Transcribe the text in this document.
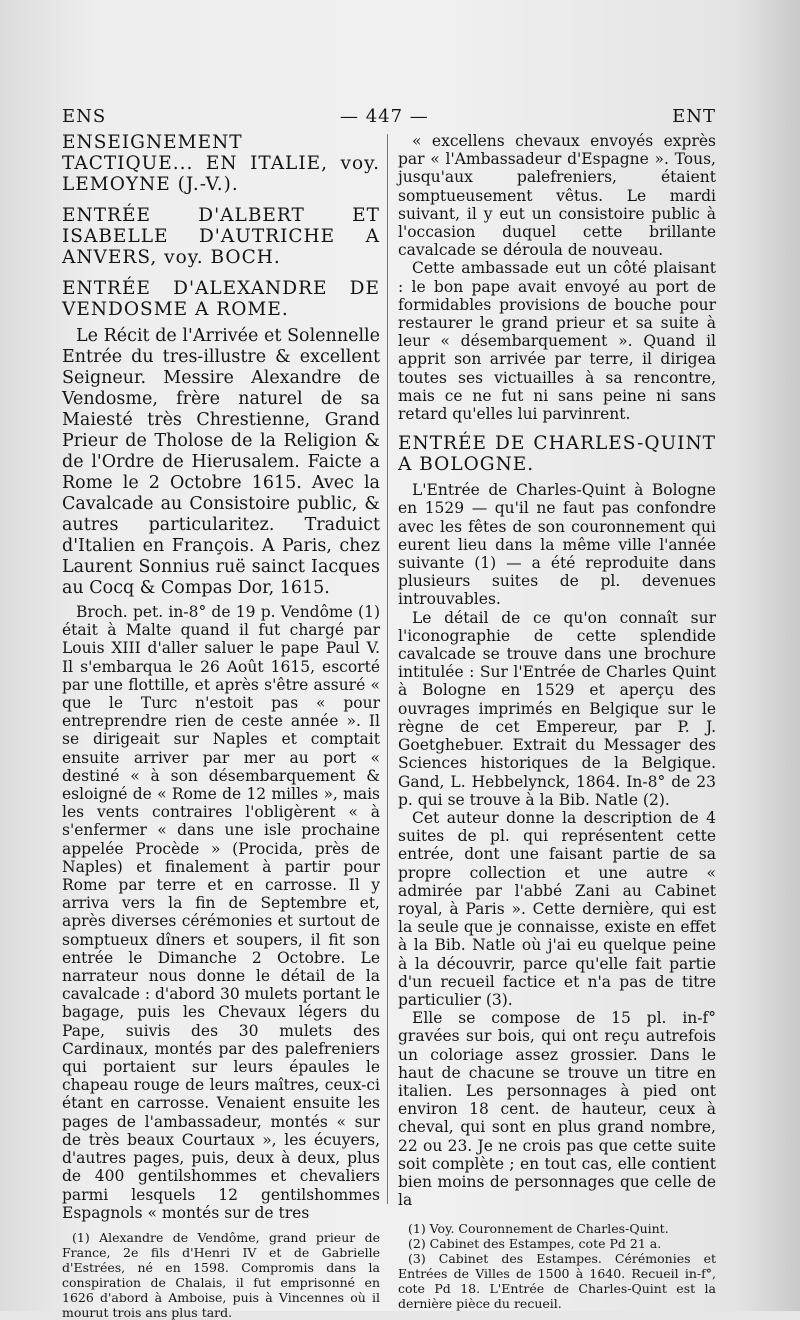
ENS	— 447 —	ENT
ENSEIGNEMENT TACTIQUE... EN ITALIE, voy. LEMOYNE (J.-V.).
ENTRÉE D'ALBERT ET ISABELLE D'AUTRICHE A ANVERS, voy. BOCH.
ENTRÉE D'ALEXANDRE DE VENDOSME A ROME.

Le Récit de l'Arrivée et Solennelle Entrée du tres-illustre & excellent Seigneur. Messire Alexandre de Vendosme, frère naturel de sa Maiesté très Chrestienne, Grand Prieur de Tholose de la Religion & de l'Ordre de Hierusalem. Faicte a Rome le 2 Octobre 1615. Avec la Cavalcade au Consistoire public, & autres particularitez. Traduict d'Italien en François. A Paris, chez Laurent Sonnius ruë sainct Iacques au Cocq & Compas Dor, 1615.

Broch. pet. in-8° de 19 p. Vendôme (1) était à Malte quand il fut chargé par Louis XIII d'aller saluer le pape Paul V. Il s'embarqua le 26 Août 1615, escorté par une flottille, et après s'être assuré « que le Turc n'estoit pas « pour entreprendre rien de ceste année ». Il se dirigeait sur Naples et comptait ensuite arriver par mer au port « destiné « à son désembarquement & esloigné de « Rome de 12 milles », mais les vents contraires l'obligèrent « à s'enfermer « dans une isle prochaine appelée Procède » (Procida, près de Naples) et finalement à partir pour Rome par terre et en carrosse. Il y arriva vers la fin de Septembre et, après diverses cérémonies et surtout de somptueux dîners et soupers, il fit son entrée le Dimanche 2 Octobre. Le narrateur nous donne le détail de la cavalcade : d'abord 30 mulets portant le bagage, puis les Chevaux légers du Pape, suivis des 30 mulets des Cardinaux, montés par des palefreniers qui portaient sur leurs épaules le chapeau rouge de leurs maîtres, ceux-ci étant en carrosse. Venaient ensuite les pages de l'ambassadeur, montés « sur de très beaux Courtaux », les écuyers, d'autres pages, puis, deux à deux, plus de 400 gentilshommes et chevaliers parmi lesquels 12 gentilshommes Espagnols « montés sur de tres

(1) Alexandre de Vendôme, grand prieur de France, 2e fils d'Henri IV et de Gabrielle d'Estrées, né en 1598. Compromis dans la conspiration de Chalais, il fut emprisonné en 1626 d'abord à Amboise, puis à Vincennes où il mourut trois ans plus tard.

« excellens chevaux envoyés exprès par « l'Ambassadeur d'Espagne ». Tous, jusqu'aux palefreniers, étaient somptueusement vêtus. Le mardi suivant, il y eut un consistoire public à l'occasion duquel cette brillante cavalcade se déroula de nouveau.

Cette ambassade eut un côté plaisant : le bon pape avait envoyé au port de formidables provisions de bouche pour restaurer le grand prieur et sa suite à leur « désembarquement ». Quand il apprit son arrivée par terre, il dirigea toutes ses victuailles à sa rencontre, mais ce ne fut ni sans peine ni sans retard qu'elles lui parvinrent.

ENTRÉE DE CHARLES-QUINT A BOLOGNE.

L'Entrée de Charles-Quint à Bologne en 1529 — qu'il ne faut pas confondre avec les fêtes de son couronnement qui eurent lieu dans la même ville l'année suivante (1) — a été reproduite dans plusieurs suites de pl. devenues introuvables.

Le détail de ce qu'on connaît sur l'iconographie de cette splendide cavalcade se trouve dans une brochure intitulée : Sur l'Entrée de Charles Quint à Bologne en 1529 et aperçu des ouvrages imprimés en Belgique sur le règne de cet Empereur, par P. J. Goetghebuer. Extrait du Messager des Sciences historiques de la Belgique. Gand, L. Hebbelynck, 1864. In-8° de 23 p. qui se trouve à la Bib. Natle (2).

Cet auteur donne la description de 4 suites de pl. qui représentent cette entrée, dont une faisant partie de sa propre collection et une autre « admirée par l'abbé Zani au Cabinet royal, à Paris ». Cette dernière, qui est la seule que je connaisse, existe en effet à la Bib. Natle où j'ai eu quelque peine à la découvrir, parce qu'elle fait partie d'un recueil factice et n'a pas de titre particulier (3).

Elle se compose de 15 pl. in-f° gravées sur bois, qui ont reçu autrefois un coloriage assez grossier. Dans le haut de chacune se trouve un titre en italien. Les personnages à pied ont environ 18 cent. de hauteur, ceux à cheval, qui sont en plus grand nombre, 22 ou 23. Je ne crois pas que cette suite soit complète ; en tout cas, elle contient bien moins de personnages que celle de la

(1) Voy. Couronnement de Charles-Quint.

(2) Cabinet des Estampes, cote Pd 21 a.

(3) Cabinet des Estampes. Cérémonies et Entrées de Villes de 1500 à 1640. Recueil in-f°, cote Pd 18. L'Entrée de Charles-Quint est la dernière pièce du recueil.
